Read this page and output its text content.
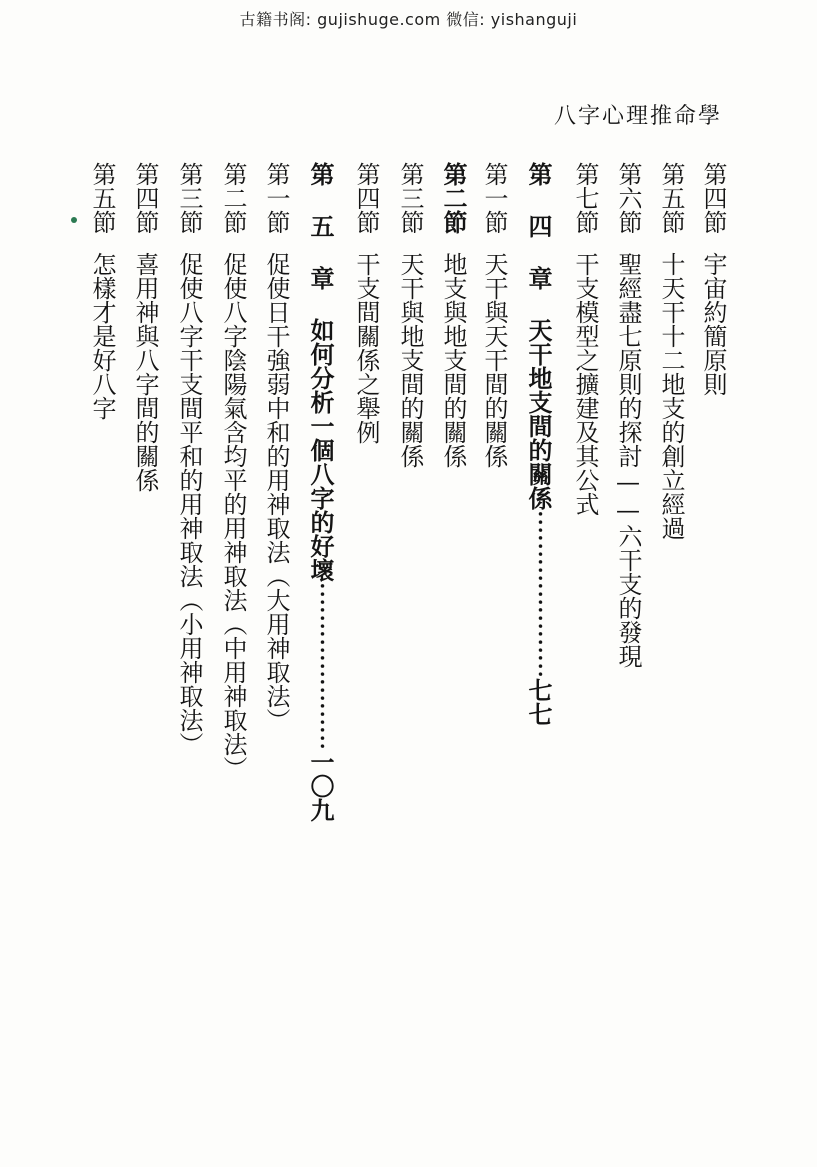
古籍书阁: gujishuge.com 微信: yishanguji
八字心理推命學
第四節宇宙約簡原則
第五節十天干十二地支的創立經過
第六節聖經盡七原則的探討——六干支的發現
第七節干支模型之擴建及其公式
第四章天干地支間的關係⋯⋯⋯⋯⋯⋯⋯七七
第一節天干與天干間的關係
第二節地支與地支間的關係
第三節天干與地支間的關係
第四節干支間關係之舉例
第五章如何分析一個八字的好壞⋯⋯⋯⋯⋯⋯⋯一〇九
第一節促使日干強弱中和的用神取法︵大用神取法︶
第二節促使八字陰陽氣含均平的用神取法︵中用神取法︶
第三節促使八字干支間平和的用神取法︵小用神取法︶
第四節喜用神與八字間的關係
第五節怎樣才是好八字
